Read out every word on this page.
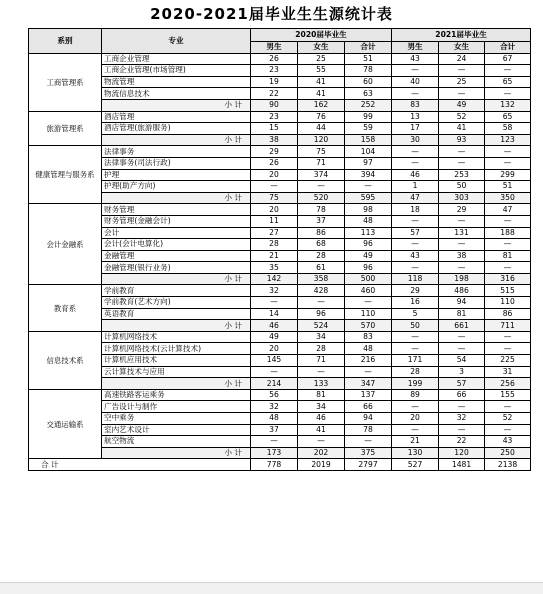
2020-2021届毕业生生源统计表
系别	专业	2020届毕业生			2021届毕业生		
		男生	女生	合计	男生	女生	合计
工商管理系	工商企业管理	26	25	51	43	24	67
	工商企业管理(市场管理)	23	55	78	—	—	—
	物流管理	19	41	60	40	25	65
	物流信息技术	22	41	63	—	—	—
	小 计	90	162	252	83	49	132
旅游管理系	酒店管理	23	76	99	13	52	65
	酒店管理(旅游服务)	15	44	59	17	41	58
	小 计	38	120	158	30	93	123
健康管理与服务系	法律事务	29	75	104	—	—	—
	法律事务(司法行政)	26	71	97	—	—	—
	护理	20	374	394	46	253	299
	护理(助产方向)	—	—	—	1	50	51
	小 计	75	520	595	47	303	350
会计金融系	财务管理	20	78	98	18	29	47
	财务管理(金融会计)	11	37	48	—	—	—
	会计	27	86	113	57	131	188
	会计(会计电算化)	28	68	96	—	—	—
	金融管理	21	28	49	43	38	81
	金融管理(银行业务)	35	61	96	—	—	—
	小 计	142	358	500	118	198	316
教育系	学前教育	32	428	460	29	486	515
	学前教育(艺术方向)	—	—	—	16	94	110
	英语教育	14	96	110	5	81	86
	小 计	46	524	570	50	661	711
信息技术系	计算机网络技术	49	34	83	—	—	—
	计算机网络技术(云计算技术)	20	28	48	—	—	—
	计算机应用技术	145	71	216	171	54	225
	云计算技术与应用	—	—	—	28	3	31
	小 计	214	133	347	199	57	256
交通运输系	高速铁路客运乘务	56	81	137	89	66	155
	广告设计与制作	32	34	66	—	—	—
	空中乘务	48	46	94	20	32	52
	室内艺术设计	37	41	78	—	—	—
	航空物流	—	—	—	21	22	43
	小 计	173	202	375	130	120	250
合 计		778	2019	2797	527	1481	2138
